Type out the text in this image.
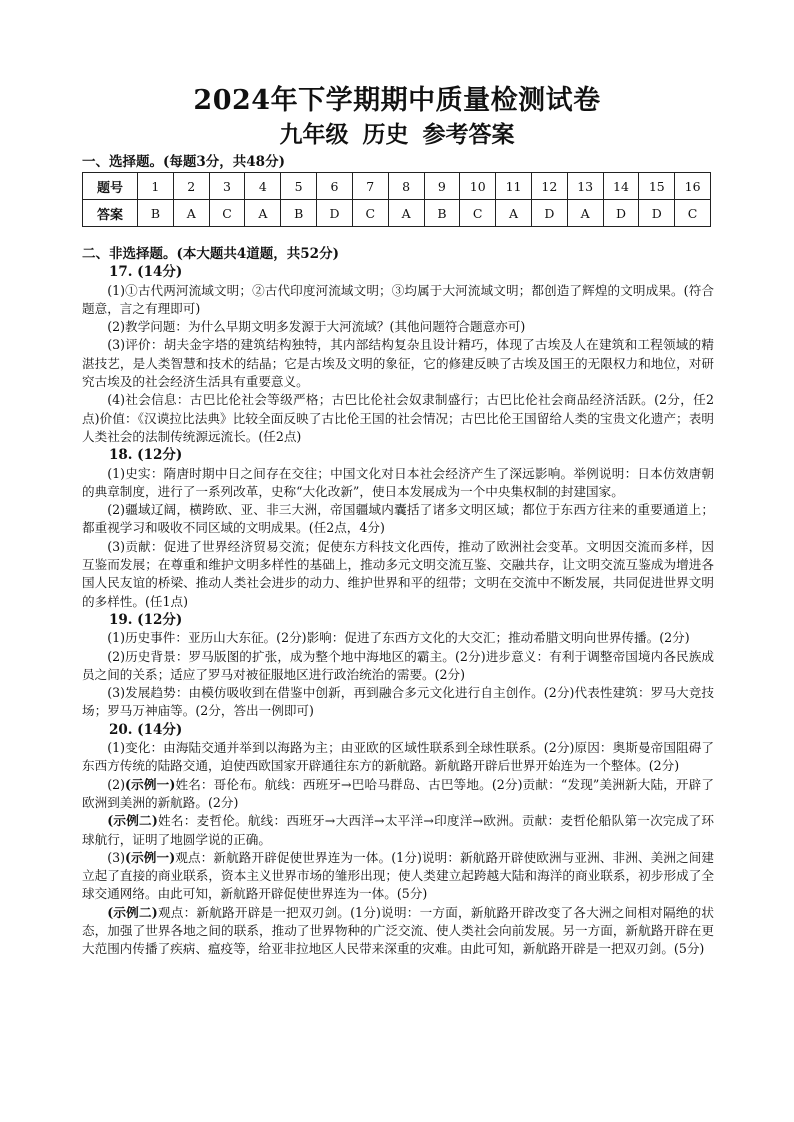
2024年下学期期中质量检测试卷
九年级 历史 参考答案
一、选择题。(每题3分，共48分)
题号	1	2	3	4	5	6	7	8	9	10	11	12	13	14	15	16
答案	B	A	C	A	B	D	C	A	B	C	A	D	A	D	D	C

二、非选择题。(本大题共4道题，共52分)

17. (14分)

(1)①古代两河流域文明；②古代印度河流域文明；③均属于大河流域文明；都创造了辉煌的文明成果。(符合题意，言之有理即可)

(2)教学问题：为什么早期文明多发源于大河流域？(其他问题符合题意亦可)

(3)评价：胡夫金字塔的建筑结构独特，其内部结构复杂且设计精巧，体现了古埃及人在建筑和工程领域的精湛技艺，是人类智慧和技术的结晶；它是古埃及文明的象征，它的修建反映了古埃及国王的无限权力和地位，对研究古埃及的社会经济生活具有重要意义。

(4)社会信息：古巴比伦社会等级严格；古巴比伦社会奴隶制盛行；古巴比伦社会商品经济活跃。(2分，任2点)价值：《汉谟拉比法典》比较全面反映了古比伦王国的社会情况；古巴比伦王国留给人类的宝贵文化遗产；表明人类社会的法制传统源远流长。(任2点)

18. (12分)

(1)史实：隋唐时期中日之间存在交往；中国文化对日本社会经济产生了深远影响。举例说明：日本仿效唐朝的典章制度，进行了一系列改革，史称“大化改新”，使日本发展成为一个中央集权制的封建国家。

(2)疆域辽阔，横跨欧、亚、非三大洲，帝国疆域内囊括了诸多文明区域；都位于东西方往来的重要通道上；都重视学习和吸收不同区域的文明成果。(任2点，4分)

(3)贡献：促进了世界经济贸易交流；促使东方科技文化西传，推动了欧洲社会变革。文明因交流而多样，因互鉴而发展；在尊重和维护文明多样性的基础上，推动多元文明交流互鉴、交融共存，让文明交流互鉴成为增进各国人民友谊的桥梁、推动人类社会进步的动力、维护世界和平的纽带；文明在交流中不断发展，共同促进世界文明的多样性。(任1点)

19. (12分)

(1)历史事件：亚历山大东征。(2分)影响：促进了东西方文化的大交汇；推动希腊文明向世界传播。(2分)

(2)历史背景：罗马版图的扩张，成为整个地中海地区的霸主。(2分)进步意义：有利于调整帝国境内各民族成员之间的关系；适应了罗马对被征服地区进行政治统治的需要。(2分)

(3)发展趋势：由模仿吸收到在借鉴中创新，再到融合多元文化进行自主创作。(2分)代表性建筑：罗马大竞技场；罗马万神庙等。(2分，答出一例即可)

20. (14分)

(1)变化：由海陆交通并举到以海路为主；由亚欧的区域性联系到全球性联系。(2分)原因：奥斯曼帝国阻碍了东西方传统的陆路交通，迫使西欧国家开辟通往东方的新航路。新航路开辟后世界开始连为一个整体。(2分)

(2)(示例一)姓名：哥伦布。航线：西班牙→巴哈马群岛、古巴等地。(2分)贡献：“发现”美洲新大陆，开辟了欧洲到美洲的新航路。(2分)

(示例二)姓名：麦哲伦。航线：西班牙→大西洋→太平洋→印度洋→欧洲。贡献：麦哲伦船队第一次完成了环球航行，证明了地圆学说的正确。

(3)(示例一)观点：新航路开辟促使世界连为一体。(1分)说明：新航路开辟使欧洲与亚洲、非洲、美洲之间建立起了直接的商业联系，资本主义世界市场的雏形出现；使人类建立起跨越大陆和海洋的商业联系，初步形成了全球交通网络。由此可知，新航路开辟促使世界连为一体。(5分)

(示例二)观点：新航路开辟是一把双刃剑。(1分)说明：一方面，新航路开辟改变了各大洲之间相对隔绝的状态，加强了世界各地之间的联系，推动了世界物种的广泛交流、使人类社会向前发展。另一方面，新航路开辟在更大范围内传播了疾病、瘟疫等，给亚非拉地区人民带来深重的灾难。由此可知，新航路开辟是一把双刃剑。(5分)
